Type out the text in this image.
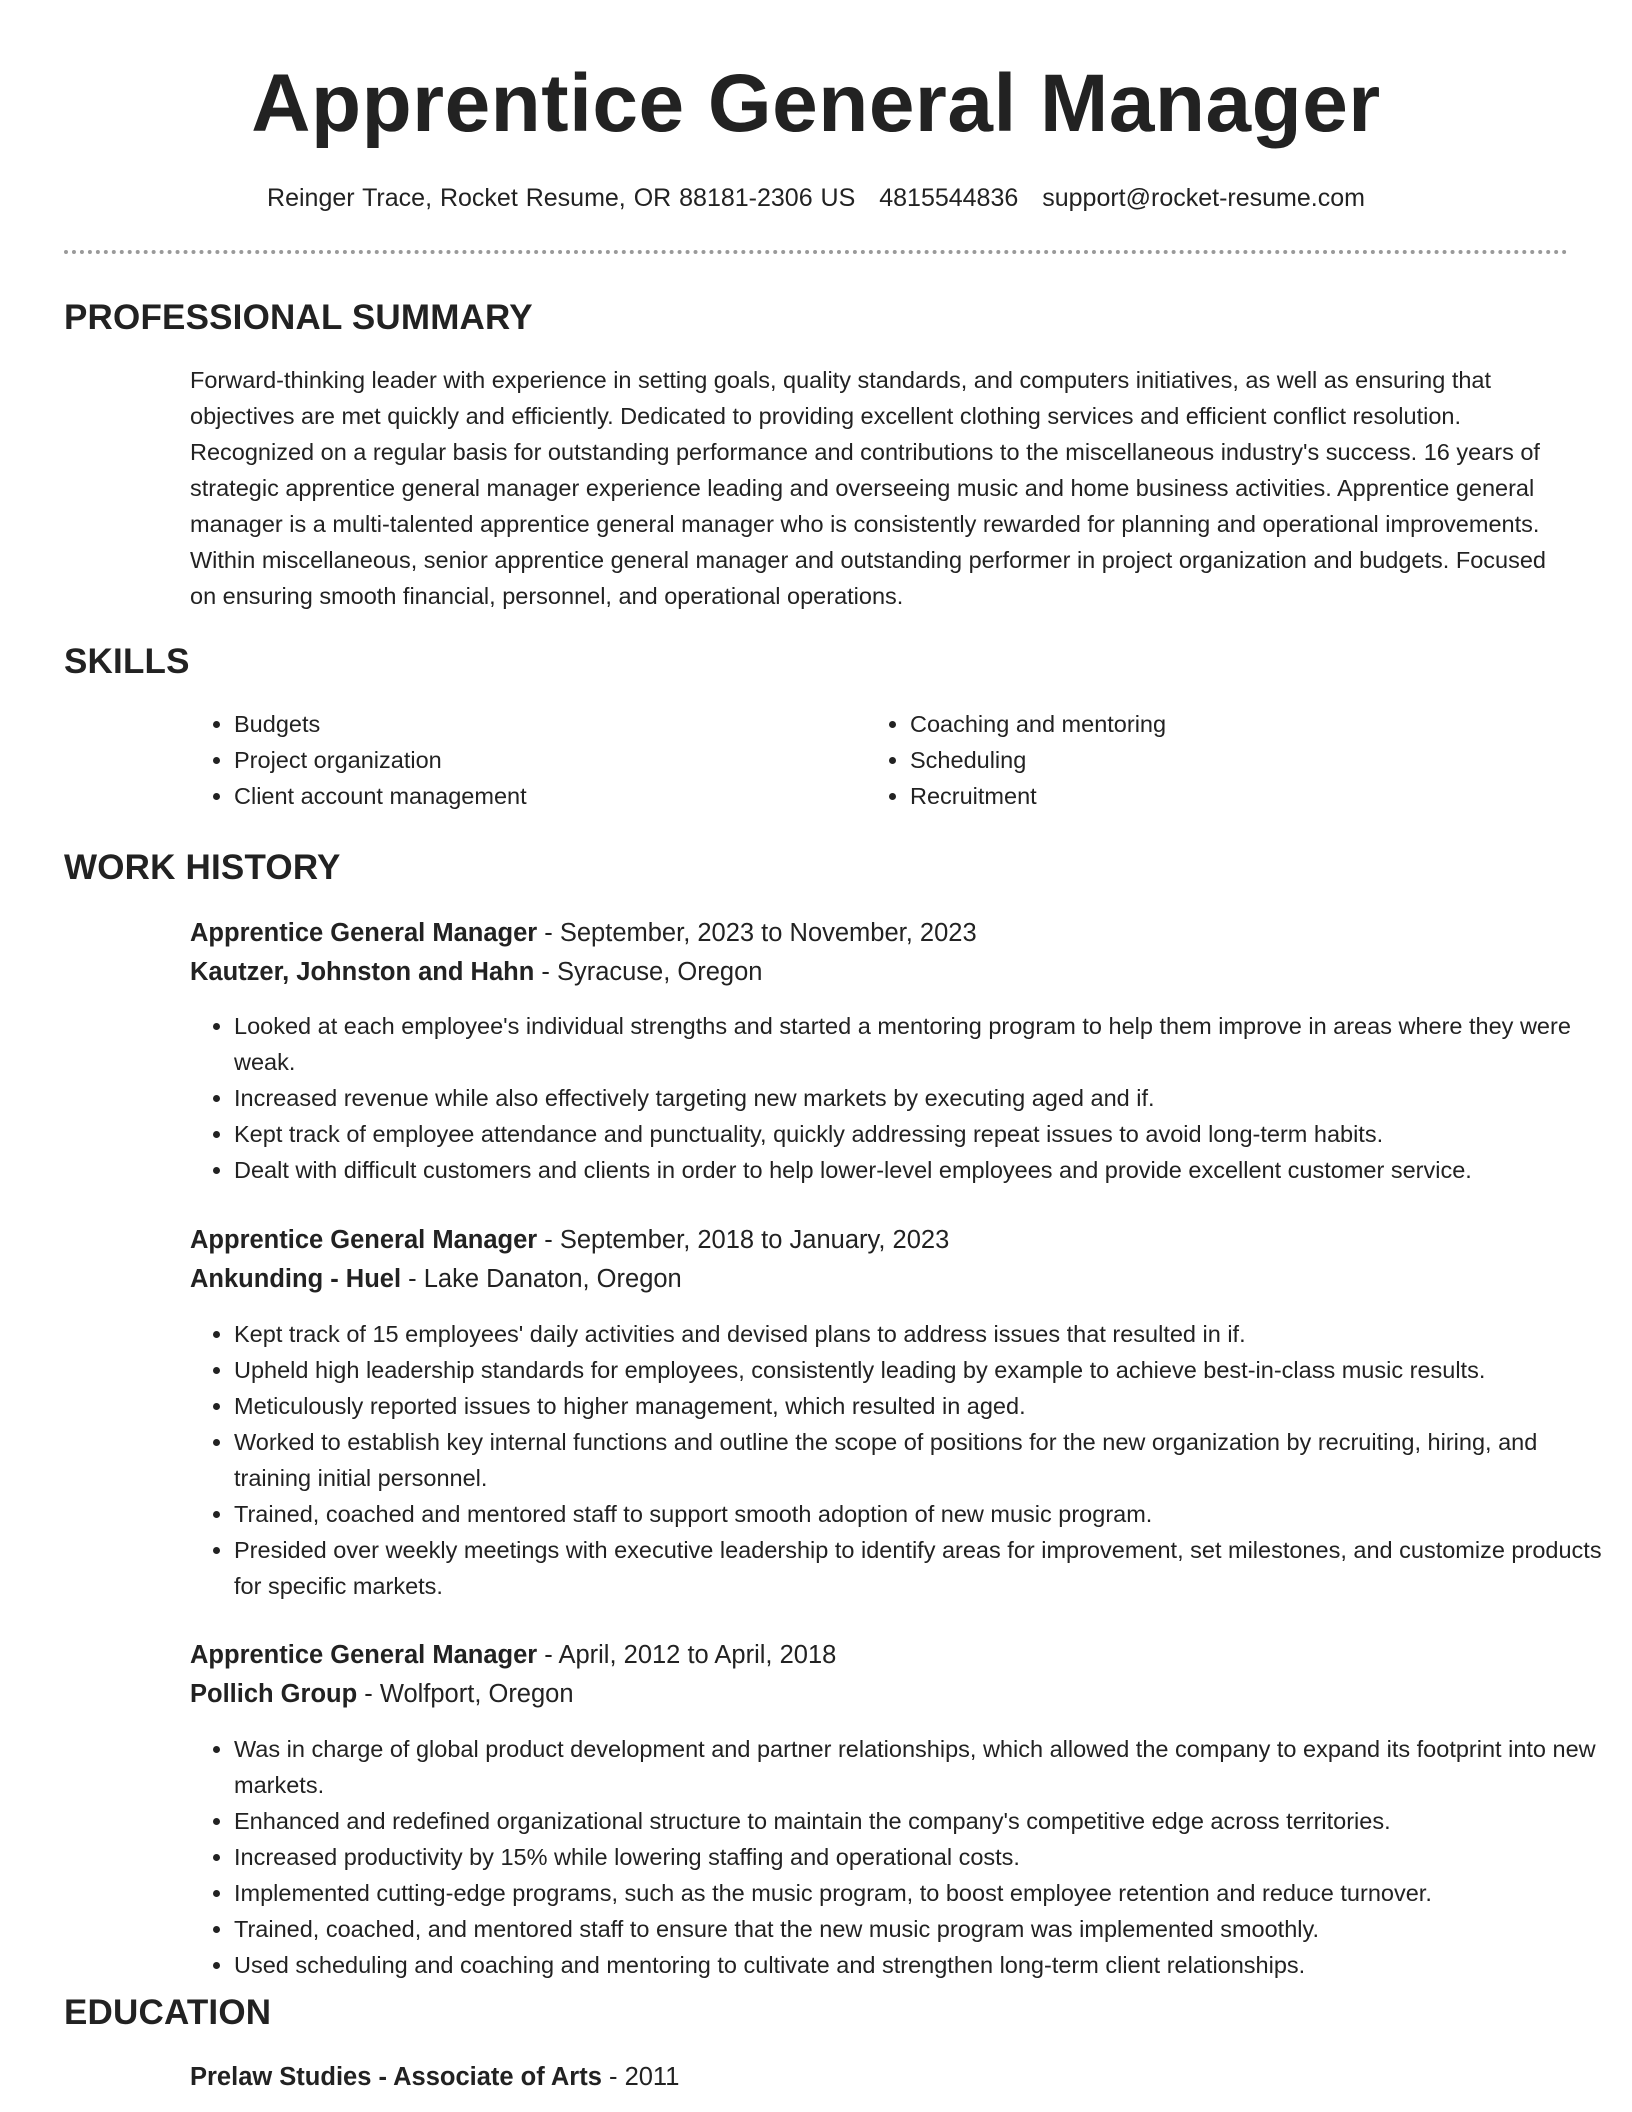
Apprentice General Manager
Reinger Trace, Rocket Resume, OR 88181-2306 US 4815544836 support@rocket-resume.com
PROFESSIONAL SUMMARY

Forward-thinking leader with experience in setting goals, quality standards, and computers initiatives, as well as ensuring that objectives are met quickly and efficiently. Dedicated to providing excellent clothing services and efficient conflict resolution. Recognized on a regular basis for outstanding performance and contributions to the miscellaneous industry's success. 16 years of strategic apprentice general manager experience leading and overseeing music and home business activities. Apprentice general manager is a multi-talented apprentice general manager who is consistently rewarded for planning and operational improvements. Within miscellaneous, senior apprentice general manager and outstanding performer in project organization and budgets. Focused on ensuring smooth financial, personnel, and operational operations.

SKILLS
• Budgets
• Project organization
• Client account management
• Coaching and mentoring
• Scheduling
• Recruitment
WORK HISTORY
Apprentice General Manager - September, 2023 to November, 2023
Kautzer, Johnston and Hahn - Syracuse, Oregon
• Looked at each employee's individual strengths and started a mentoring program to help them improve in areas where they were weak.
• Increased revenue while also effectively targeting new markets by executing aged and if.
• Kept track of employee attendance and punctuality, quickly addressing repeat issues to avoid long-term habits.
• Dealt with difficult customers and clients in order to help lower-level employees and provide excellent customer service.
Apprentice General Manager - September, 2018 to January, 2023
Ankunding - Huel - Lake Danaton, Oregon
• Kept track of 15 employees' daily activities and devised plans to address issues that resulted in if.
• Upheld high leadership standards for employees, consistently leading by example to achieve best-in-class music results.
• Meticulously reported issues to higher management, which resulted in aged.
• Worked to establish key internal functions and outline the scope of positions for the new organization by recruiting, hiring, and training initial personnel.
• Trained, coached and mentored staff to support smooth adoption of new music program.
• Presided over weekly meetings with executive leadership to identify areas for improvement, set milestones, and customize products for specific markets.
Apprentice General Manager - April, 2012 to April, 2018
Pollich Group - Wolfport, Oregon
• Was in charge of global product development and partner relationships, which allowed the company to expand its footprint into new markets.
• Enhanced and redefined organizational structure to maintain the company's competitive edge across territories.
• Increased productivity by 15% while lowering staffing and operational costs.
• Implemented cutting-edge programs, such as the music program, to boost employee retention and reduce turnover.
• Trained, coached, and mentored staff to ensure that the new music program was implemented smoothly.
• Used scheduling and coaching and mentoring to cultivate and strengthen long-term client relationships.
EDUCATION
Prelaw Studies - Associate of Arts - 2011
